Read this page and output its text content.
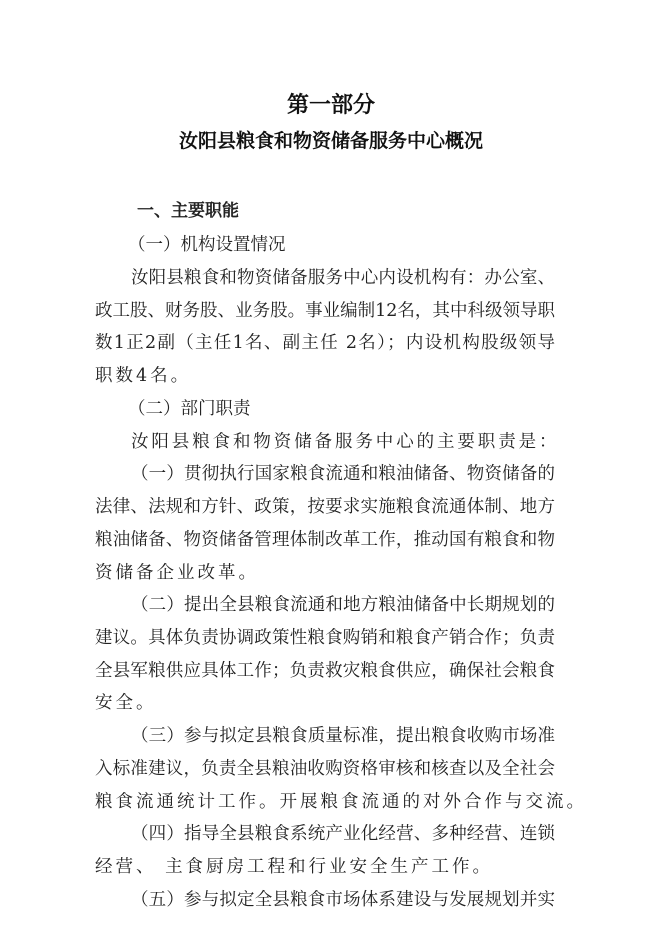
第一部分
汝阳县粮食和物资储备服务中心概况
一、主要职能
（一）机构设置情况
汝阳县粮食和物资储备服务中心内设机构有：办公室、
政工股、财务股、业务股。事业编制12名，其中科级领导职
数1正2副（主任1名、副主任 2名）；内设机构股级领导
职数4名。
（二）部门职责
汝阳县粮食和物资储备服务中心的主要职责是：
（一）贯彻执行国家粮食流通和粮油储备、物资储备的
法律、法规和方针、政策，按要求实施粮食流通体制、地方
粮油储备、物资储备管理体制改革工作，推动国有粮食和物
资储备企业改革。
（二）提出全县粮食流通和地方粮油储备中长期规划的
建议。具体负责协调政策性粮食购销和粮食产销合作；负责
全县军粮供应具体工作；负责救灾粮食供应，确保社会粮食
安全。
（三）参与拟定县粮食质量标准，提出粮食收购市场准
入标准建议，负责全县粮油收购资格审核和核查以及全社会
粮食流通统计工作。开展粮食流通的对外合作与交流。
（四）指导全县粮食系统产业化经营、多种经营、连锁
经营、 主食厨房工程和行业安全生产工作。
（五）参与拟定全县粮食市场体系建设与发展规划并实
